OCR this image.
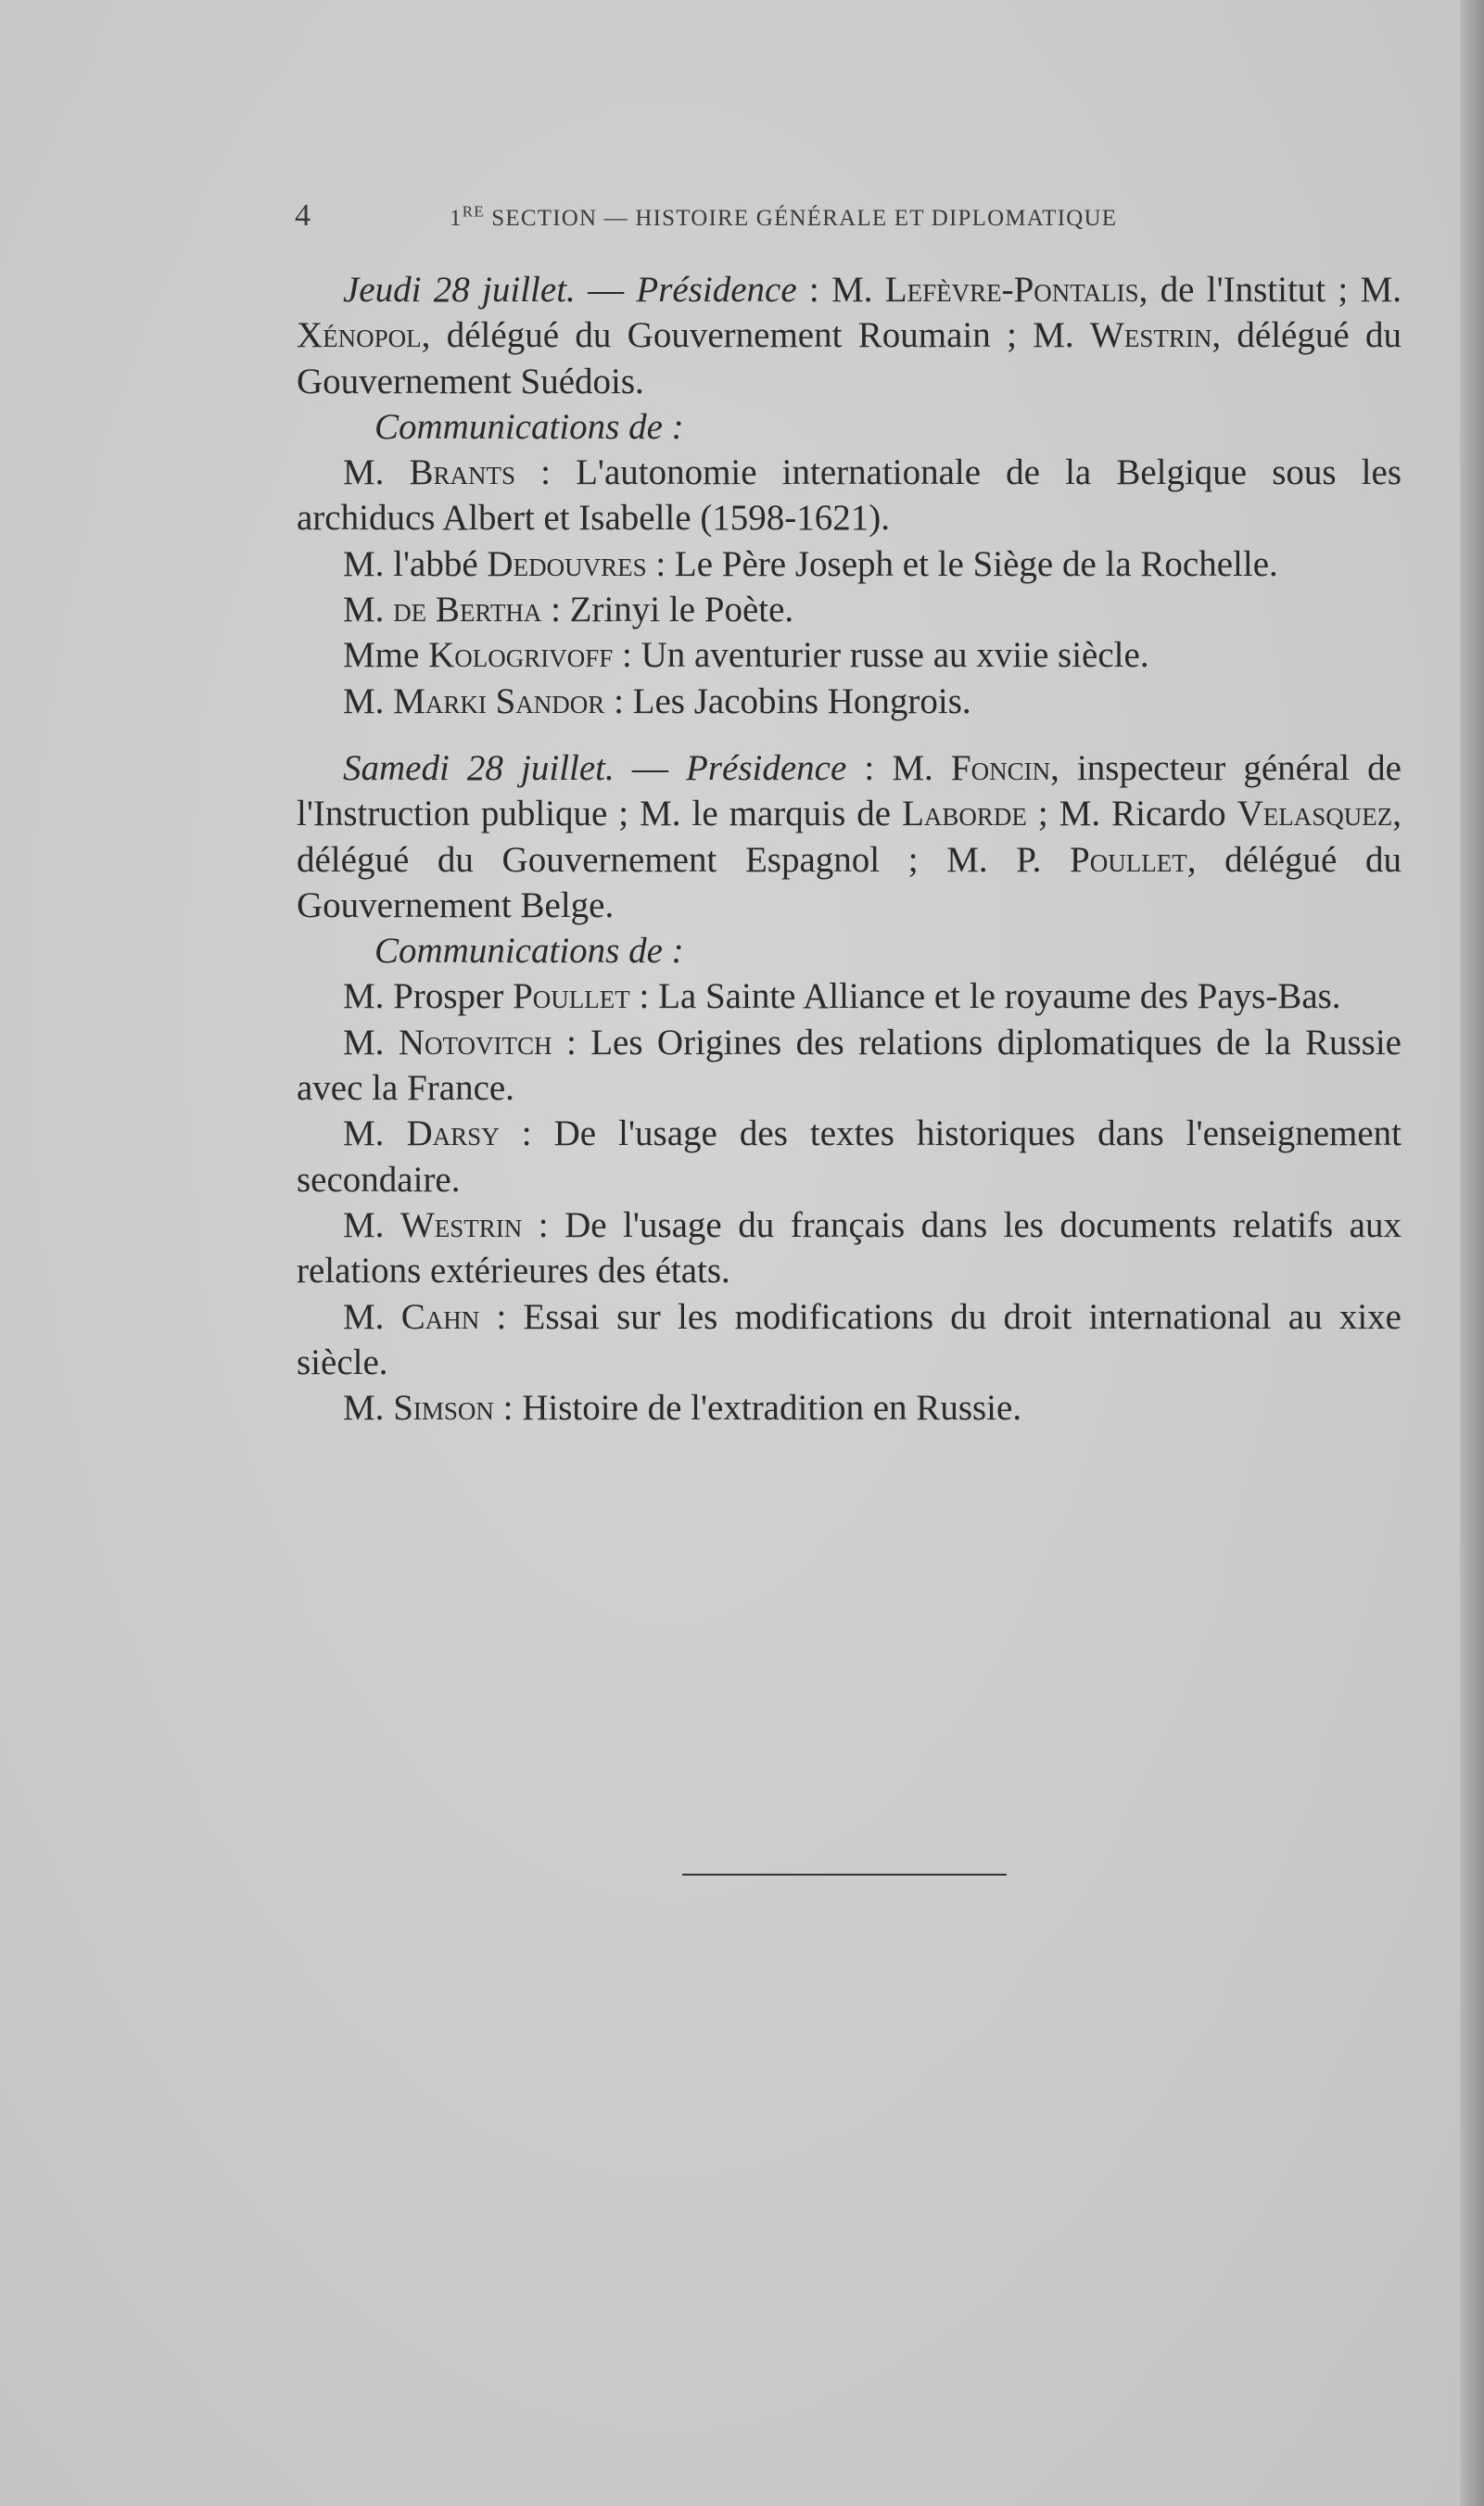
4	1RE SECTION — HISTOIRE GÉNÉRALE ET DIPLOMATIQUE

Jeudi 28 juillet. — Présidence : M. Lefèvre-Pontalis, de l'Institut ; M. Xénopol, délégué du Gouvernement Roumain ; M. Westrin, délégué du Gouvernement Suédois.

Communications de :

M. Brants : L'autonomie internationale de la Belgique sous les archiducs Albert et Isabelle (1598-1621).

M. l'abbé Dedouvres : Le Père Joseph et le Siège de la Rochelle.

M. de Bertha : Zrinyi le Poète.

Mme Kologrivoff : Un aventurier russe au xviie siècle.

M. Marki Sandor : Les Jacobins Hongrois.

Samedi 28 juillet. — Présidence : M. Foncin, inspecteur général de l'Instruction publique ; M. le marquis de Laborde ; M. Ricardo Velasquez, délégué du Gouvernement Espagnol ; M. P. Poullet, délégué du Gouvernement Belge.

Communications de :

M. Prosper Poullet : La Sainte Alliance et le royaume des Pays-Bas.

M. Notovitch : Les Origines des relations diplomatiques de la Russie avec la France.

M. Darsy : De l'usage des textes historiques dans l'enseignement secondaire.

M. Westrin : De l'usage du français dans les documents relatifs aux relations extérieures des états.

M. Cahn : Essai sur les modifications du droit international au xixe siècle.

M. Simson : Histoire de l'extradition en Russie.
